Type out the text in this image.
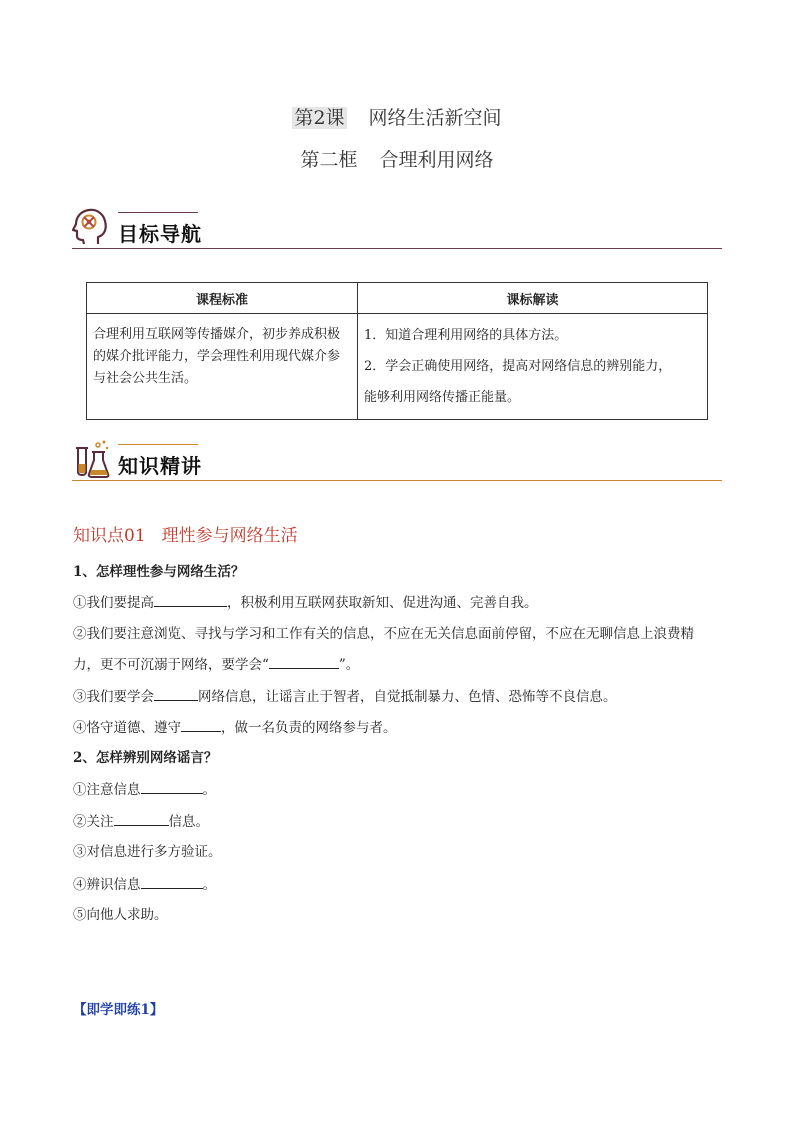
第2课 网络生活新空间
第二框 合理利用网络
目标导航
课程标准	课标解读
合理利用互联网等传播媒介，初步养成积极的媒介批评能力，学会理性利用现代媒介参与社会公共生活。	1．知道合理利用网络的具体方法。

2．学会正确使用网络，提高对网络信息的辨别能力，

能够利用网络传播正能量。

知识精讲
知识点01 理性参与网络生活
1、怎样理性参与网络生活？
①我们要提高	，积极利用互联网获取新知、促进沟通、完善自我。
②我们要注意浏览、寻找与学习和工作有关的信息，不应在无关信息面前停留，不应在无聊信息上浪费精
力，更不可沉溺于网络，要学会“	”。
③我们要学会	网络信息，让谣言止于智者，自觉抵制暴力、色情、恐怖等不良信息。
④恪守道德、遵守	，做一名负责的网络参与者。
2、怎样辨别网络谣言？
①注意信息	。
②关注	信息。
③对信息进行多方验证。
④辨识信息	。
⑤向他人求助。
【即学即练1】
